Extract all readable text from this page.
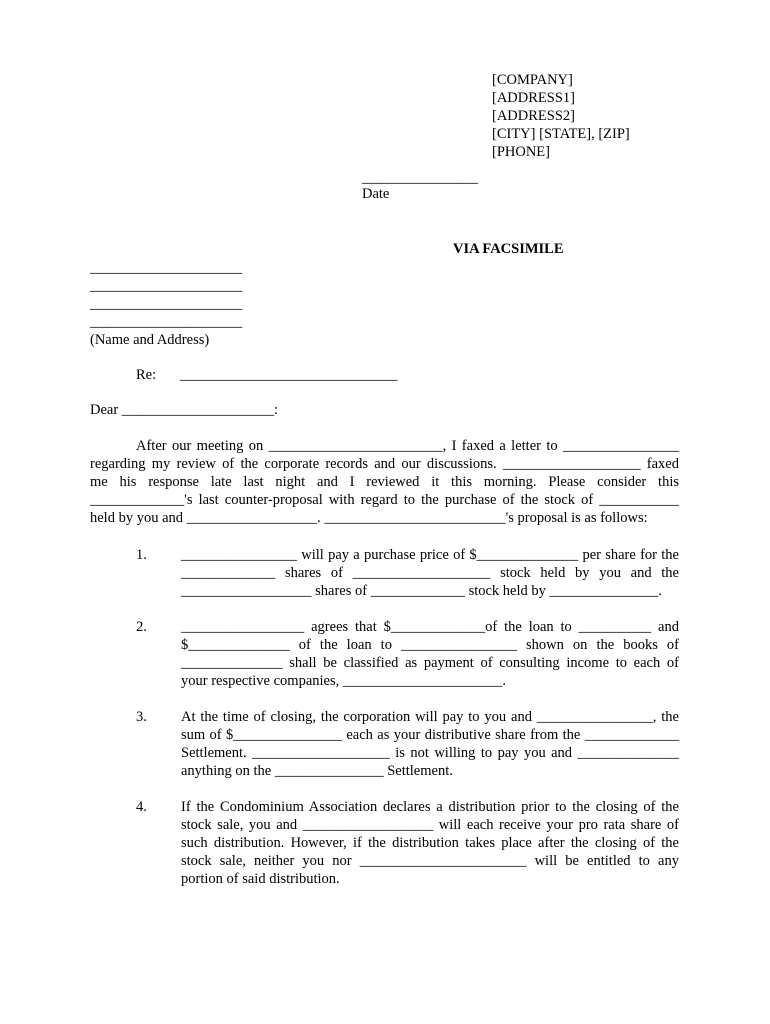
[COMPANY]
[ADDRESS1]
[ADDRESS2]
[CITY] [STATE], [ZIP]
[PHONE]
________________
Date
VIA FACSIMILE
_____________________
_____________________
_____________________
_____________________
(Name and Address)
Re: ______________________________
Dear _____________________:
After our meeting on ________________________, I faxed a letter to ________________
regarding my review of the corporate records and our discussions. ___________________ faxed
me his response late last night and I reviewed it this morning. Please consider this
_____________'s last counter-proposal with regard to the purchase of the stock of ___________
held by you and __________________. _________________________'s proposal is as follows:
1. ________________ will pay a purchase price of $______________ per share for the
_____________ shares of ___________________ stock held by you and the
__________________ shares of _____________ stock held by _______________.
2. _________________ agrees that $_____________of the loan to __________ and
$______________ of the loan to ________________ shown on the books of
______________ shall be classified as payment of consulting income to each of
your respective companies, ______________________.
3. At the time of closing, the corporation will pay to you and ________________, the
sum of $_______________ each as your distributive share from the _____________
Settlement. ___________________ is not willing to pay you and ______________
anything on the _______________ Settlement.
4. If the Condominium Association declares a distribution prior to the closing of the
stock sale, you and __________________ will each receive your pro rata share of
such distribution. However, if the distribution takes place after the closing of the
stock sale, neither you nor _______________________ will be entitled to any
portion of said distribution.
